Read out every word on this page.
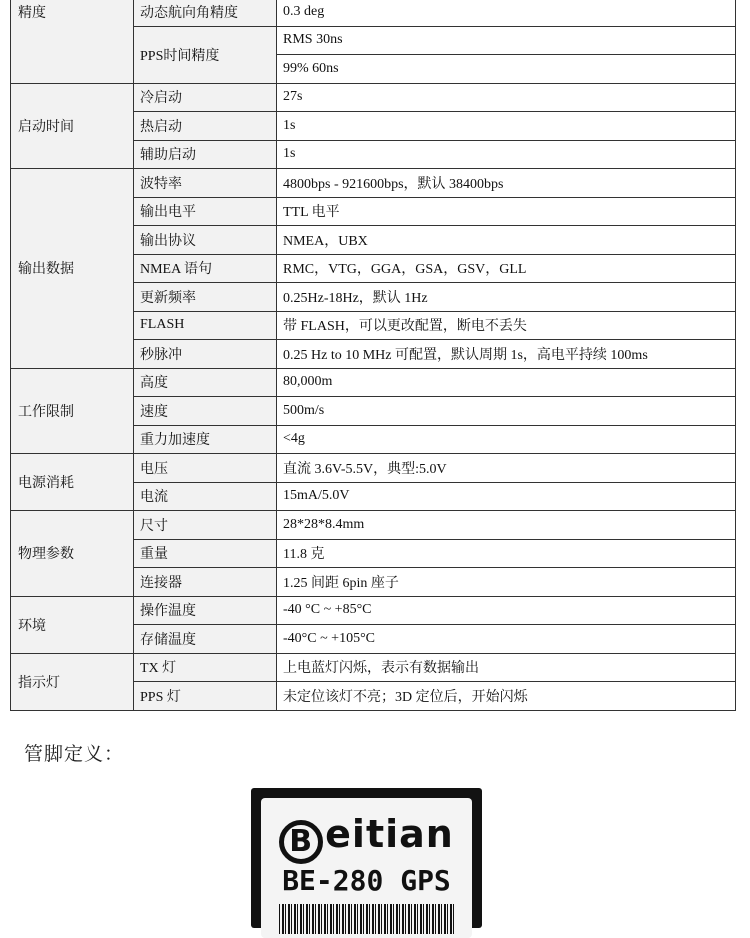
精度	动态航向角精度	0.3 deg
	PPS时间精度	RMS 30ns
		99% 60ns
启动时间	冷启动	27s
	热启动	1s
	辅助启动	1s
输出数据	波特率	4800bps - 921600bps，默认 38400bps
	输出电平	TTL 电平
	输出协议	NMEA，UBX
	NMEA 语句	RMC，VTG，GGA，GSA，GSV，GLL
	更新频率	0.25Hz-18Hz，默认 1Hz
	FLASH	带 FLASH，可以更改配置，断电不丢失
	秒脉冲	0.25 Hz to 10 MHz 可配置，默认周期 1s，高电平持续 100ms
工作限制	高度	80,000m
	速度	500m/s
	重力加速度	<4g
电源消耗	电压	直流 3.6V-5.5V，典型:5.0V
	电流	15mA/5.0V
物理参数	尺寸	28*28*8.4mm
	重量	11.8 克
	连接器	1.25 间距 6pin 座子
环境	操作温度	-40 °C ~ +85°C
	存储温度	-40°C ~ +105°C
指示灯	TX 灯	上电蓝灯闪烁，表示有数据输出
	PPS 灯	未定位该灯不亮；3D 定位后，开始闪烁
管脚定义：
B eitian
BE-280 GPS
